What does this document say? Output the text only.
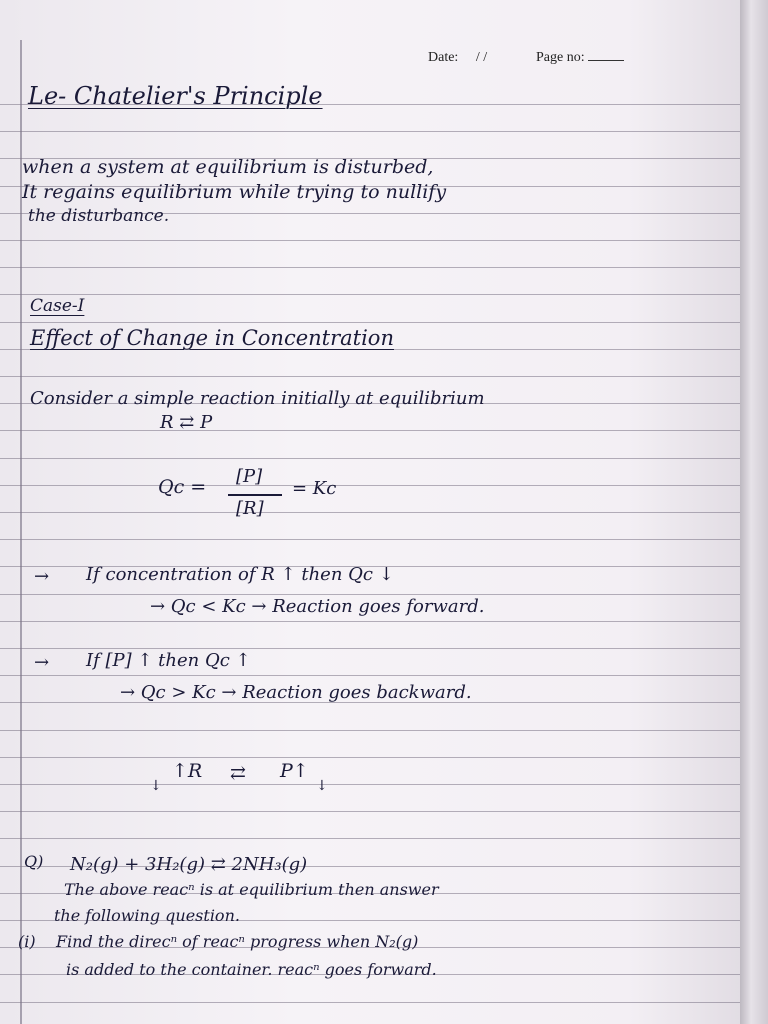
Date: / /	Page no:
Le- Chatelier's Principle
when a system at equilibrium is disturbed,
It regains equilibrium while trying to nullify
the disturbance.
Case-I
Effect of Change in Concentration
Consider a simple reaction initially at equilibrium
R ⇄ P
Qc = [P]
[R]
= Kc
→ If concentration of R ↑ then Qc ↓
→ Qc < Kc → Reaction goes forward.
→ If [P] ↑ then Qc ↑
→ Qc > Kc → Reaction goes backward.
↑R ⇄ P↑
↓	↓
Q) N₂(g) + 3H₂(g) ⇄ 2NH₃(g)
The above reacⁿ is at equilibrium then answer
the following question.
(i) Find the direcⁿ of reacⁿ progress when N₂(g)
is added to the container. reacⁿ goes forward.
